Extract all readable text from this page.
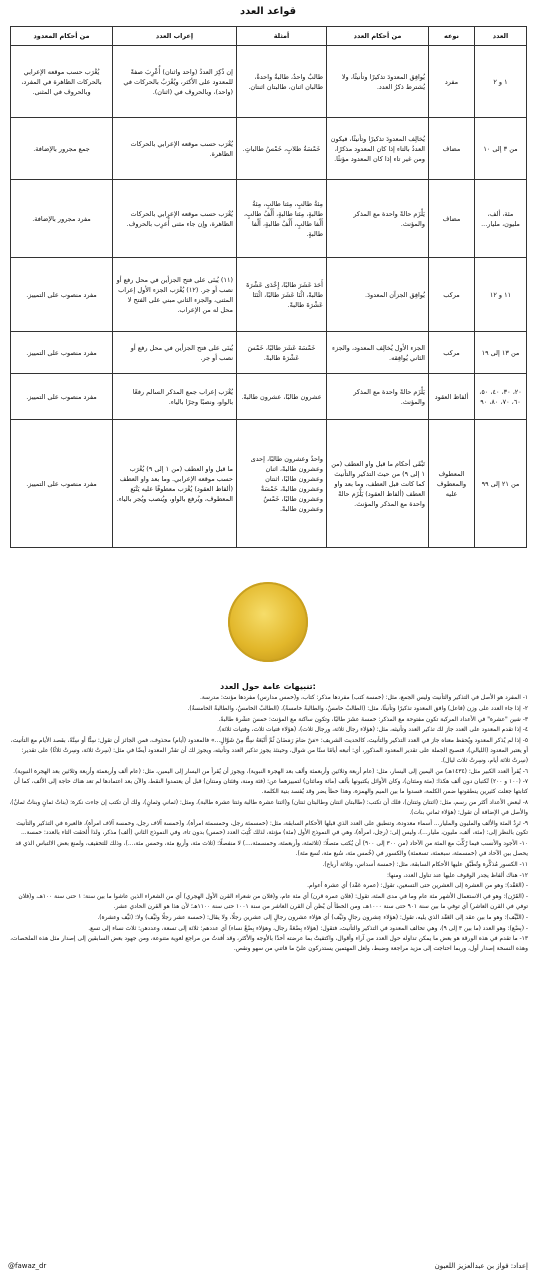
قواعد العدد
العدد	نوعه	من أحكام العدد	أمثلة	إعراب العدد	من أحكام المعدود
١ و ٢	مفرد	يُوافِق المعدودَ تذكيرًا وتأنيثًا، ولا يُشترط ذكرُ العدد.	طالبٌ واحدٌ، طالبةٌ واحدةٌ، طالبان اثنان، طالبتان اثنتان.	إن ذُكِرَ العددُ (واحد واثنان) أُعْرِبَ صفةً للمعدود على الأكثر، ويُعْرَبُ بالحركات في (واحد)، وبالحروف في (اثنان).	يُعْرَب حسب موقعه الإعرابي بالحركات الظاهرة في المفرد، وبالحروف في المثنى.
من ٣ إلى ١٠	مضاف	يُخالِف المعدودَ تذكيرًا وتأنيثًا، فيكون العددُ بالتاء إذا كان المعدود مذكرًا، ومن غير تاء إذا كان المعدود مؤنثًا.	خَمْسَةُ طلابٍ، خَمْسُ طالباتٍ.	يُعْرَب حسب موقعه الإعرابي بالحركات الظاهرة.	جمع مجرور بالإضافة.
مئة، ألف، مليون، مليار...	مضاف	يَلْزَم حالةً واحدة مع المذكر والمؤنث.	مِئةُ طالبٍ، مِئتا طالبٍ، مِئةُ طالبةٍ، مِئتا طالبةٍ، أَلْفُ طالبٍ، أَلْفا طالبٍ، أَلْفُ طالبةٍ، أَلْفا طالبةٍ.	يُعْرَب حسب موقعه الإعرابي بالحركات الظاهرة، وإن جاء مثنى أُعرِب بالحروف.	مفرد مجرور بالإضافة.
١١ و ١٢	مركب	يُوافِق الجزآن المعدودَ.	أَحَدَ عَشَرَ طالبًا، إِحْدَى عَشْرَةَ طالبةً، اثْنَا عَشَرَ طالبًا، اثْنَتَا عَشْرَةَ طالبةً.	(١١) يُبنَى على فتح الجزأين في محل رفع أو نصب أو جر. (١٢) يُعْرَب الجزء الأول إعراب المثنى، والجزء الثاني مبني على الفتح لا محل له من الإعراب.	مفرد منصوب على التمييز.
من ١٣ إلى ١٩	مركب	الجزء الأول يُخالِف المعدود، والجزء الثاني يُوافِقه.	خَمْسَةَ عَشَرَ طالبًا، خَمْسَ عَشْرَةَ طالبةً.	يُبنَى على فتح الجزأين في محل رفع أو نصب أو جر.	مفرد منصوب على التمييز.
٢٠، ٣٠، ٤٠، ٥٠، ٦٠، ٧٠، ٨٠، ٩٠	ألفاظ العقود	يَلْزَم حالةً واحدة مع المذكر والمؤنث.	عشرون طالبًا، عشرون طالبةً.	يُعْرَب إعراب جمع المذكر السالم رفعًا بالواو، ونصبًا وجرًا بالياء.	مفرد منصوب على التمييز.
من ٢١ إلى ٩٩	المعطوف والمعطوف عليه	تَبْقَى أحكام ما قبل واو العطف (من ١ إلى ٩) من حيث التذكير والتأنيث كما كانت قبل العطف، وما بعد واو العطف (ألفاظ العقود) يَلْزَم حالةً واحدة مع المذكر والمؤنث.	واحدٌ وعشرون طالبًا، إحدى وعشرون طالبةً، اثنان وعشرون طالبًا، اثنتان وعشرون طالبةً، خَمْسَةٌ وعشرون طالبًا، خَمْسٌ وعشرون طالبةً.	ما قبل واو العطف (من ١ إلى ٩) يُعْرَب حسب موقعه الإعرابي. وما بعد واو العطف (ألفاظ العقود) يُعْرَب معطوفًا عليه يَتْبَع المعطوف، ويُرفع بالواو، ويُنصب ويُجر بالياء.	مفرد منصوب على التمييز.
تنبيهات عامة حول العدد:

١- المفرد هو الأصل في التذكير والتأنيث وليس الجمع، مثل: (خمسة كتب) مفردها مذكر: كتاب، و(خمس مدارس) مفردها مؤنث: مدرسة.

٢- إذا جاء العدد على وزن (فاعل) وافق المعدود تذكيرًا وتأنيثًا، مثل: (الطالبُ خامسٌ، والطالبةُ خامسةٌ)، (الطالبُ الخامسُ، والطالبةُ الخامسةُ).

٣- شين "عشرة" في الأعداد المركبة تكون مفتوحة مع المذكر: خمسةَ عشَرَ طالبًا، وتكون ساكنة مع المؤنث: خمسَ عشْرةَ طالبةً.

٤- إذا تقدم المعدود على العدد جاز لك تذكير العدد وتأنيثه، مثل: (هؤلاء رجال ثلاثة، ورجال ثلاث)، (هؤلاء فتيات ثلاث، وفتيات ثلاثة).

٥- إذا لم يُذكر المعدود ويُحفظ معناه جاز في العدد التذكير والتأنيث، كالحديث الشريف: «مَنْ صَامَ رَمَضَانَ ثُمَّ أَتْبَعَهُ سِتًّا مِنْ شَوَّالٍ...» فالمعدود (أيام) محذوف، فمن الجائز أن تقول: سِتًّا أو سِتَّةً، بقصد الأيام مع التأنيث، أو يعتبر المعدود (الليالي)، فتصبح الجملة على تقدير المعدود المذكور، أي: أتبعه أيامًا ستًا من شوال، وحينئذ يجوز تذكير العدد وتأنيثه، ويجوز لك أن تقدّر المعدود أيضًا في مثل: (سِرتُ ثلاثة، وسِرتُ ثلاثًا) على تقدير: (سِرتُ ثلاثة أيام، وسِرتُ ثلاث ليال).

٦- يُقرأ العدد الكبير مثل: (١٤٣٤هـ) من اليمين إلى اليسار، مثل: (عام أربعة وثلاثين وأربعمئة وألف بعد الهجرة النبوية)، ويجوز أن يُقرأ من اليسار إلى اليمين، مثل: (عام ألف وأربعمئة وأربعة وثلاثين بعد الهجرة النبوية).

٧- (١٠٠ و ٢٠٠) تُكتبان دون ألف هكذا: (مئة ومئتان)، وكان الأوائل يكتبونها بألف (مائة ومائتان) لتمييزهما عن: (فئة ومنة، وفئتان ومنتان) قبل أن يعتمدوا النقط، والآن بعد اعتمادها لم تعد هناك حاجة إلى الألف، كما أن كتابتها جعلت كثيرين ينطقونها ضمن الكلمة، فسدوا ما بين الميم والهمزة، وهذا خطأ يضر وقد يُفسد بنية الكلمة.

٨- لبعض الأعداد أكثر من رسم، مثل: (اثنتان وثنتان)، فلك أن تكتب: (طالبتان اثنتان وطالبتان ثنتان) و(اثنتا عشرة طالبة وثنتا عشرة طالبة)، ومثل: (ثماني وثمانٍ)، ولك أن تكتب إن جاءت نكرة: (بناتٌ ثمانٍ وبناتٌ ثمانٌ)، والأصل في الإضافة أن تقول: (هؤلاء ثماني بنات).

٩- تَرِدُ المئة والألف والمليون والمليار... أسماء معدودة، وتنطبق على العدد الذي قبلها الأحكام السابقة، مثل: (خمسمئة رجل، وخمسمئة امرأة)، و(خمسة آلاف رجل، وخمسة آلاف امرأة)، فالعبرة في التذكير والتأنيث تكون بالنظر إلى: (مئة، ألف، مليون، مليار...)، وليس إلى: (رجل، امرأة)، وهي في النموذج الأول (مئة) مؤنثة، لذلك كُتِبَ العدد (خمس) بدون تاء، وفي النموذج الثاني (ألف) مذكر، ولذا أُلحقت التاء بالعدد: خمسة...

١٠- الأجود والأنسب فيما رُكِّبَ مع المئة من الآحاد (من ٣٠٠ إلى ٩٠٠) أن يُكتب متصلًا: (ثلاثمئة، وأربعمئة، وخمسمئة،...) لا منفصلًا: (ثلاث مئة، وأربع مئة، وخمس مئة،...)، وذلك للتخفيف، ولمنع بعض الالتباس الذي قد يحصل بين الآحاد في (خمسمئة، سبعمئة، تسعمئة) والكسور في (خُمس مئة، سُبع مئة، تُسع مئة).

١١- الكسور مُذكَّرة وتُطَبَّق عليها الأحكام السابقة، مثل: (خمسة أسداس، وثلاثة أرباع).

١٢- هناك ألفاظ يجدر الوقوف عليها عند تناول العدد، ومنها:

- (العَقْد): وهو من العشرة إلى العشرين حتى التسعين، تقول: (عمره عَقْد) أي عشرة أعوام.

- (القَرْن): وهو في الاستعمال الأشهر مئة عام وما في مدى المئة، تقول: (فلان عمره قرن) أي مئة عام، و(فلان من شعراء القرن الأول الهجري) أي من الشعراء الذين عاشوا ما بين سنة: ١ حتى سنة ١٠٠هـ، و(فلان توفي في القرن العاشر) أي توفي ما بين سنة ٩٠١ حتى سنة ١٠٠٠هـ، ومن الخطأ أن يُظن أن القرن العاشر من سنة ١٠٠١ حتى سنة ١١٠٠هـ؛ لأن هذا هو القرن الحادي عشر.

- (النَّيِّف): وهو ما بين عقد إلى العَقْد الذي يليه، تقول: (هؤلاء عِشرون رجالٍ ونَيِّف) أي هؤلاء عشرون رجالٍ إلى عشرين رجلًا، ولا يقال: (خمسة عشر رجلًا ونَيِّف) ولا: (نَيِّف وعشرة).

- (بِضْع): وهو العدد (ما بين ٣ إلى ٩)، وهي تخالف المعدود في التذكير والتأنيث، فتقول: (هؤلاء بِضْعَةُ رجال، وهؤلاء بِضْعُ نساء) أي عددهم: ثلاثة إلى تسعة، وعددهن: ثلاث نساء إلى تسع.

١٣- ما تقدم في هذه الورقة هو بعض ما يمكن تداوله حول العدد من آراء وأقوال، واكتفيتُ بما عرضته أخذًا بالأوجه والأكثر، وقد أفدتُ من مراجع لغوية متنوعة، ومن جهود بعض السابقين إلى إصدار مثل هذه الملخصات، وهذه النسخة إصدار أول، وربما احتاجت إلى مزيد مراجعة وضبط، ولعل المهتمين يستدركون عليّ ما فاتني من سهو ونقص.

إعداد: فواز بن عبدالعزيز اللعبون
@fawaz_dr
